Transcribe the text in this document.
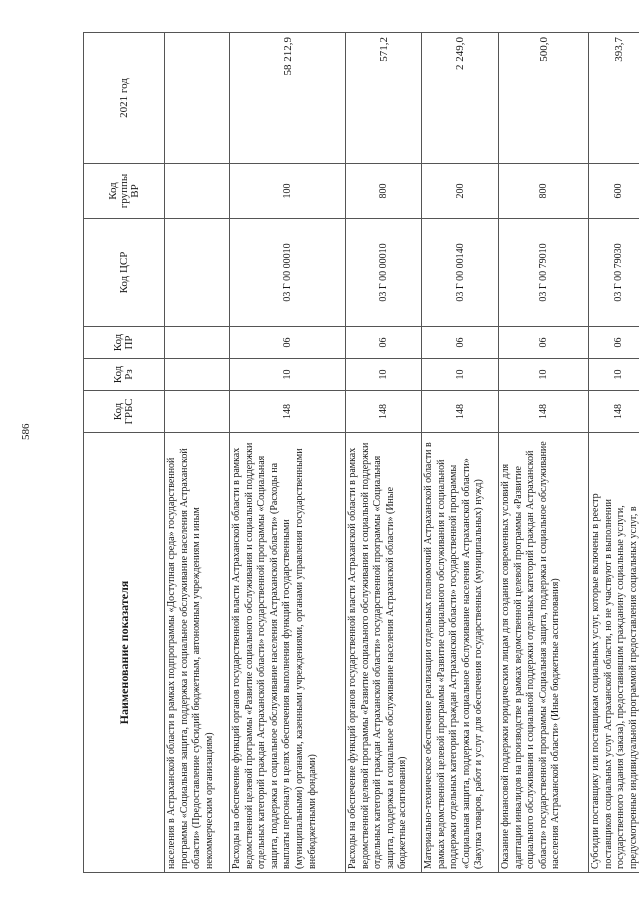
586
Наименование показателя	Код ГРБС	Код Рз	Код ПР	Код ЦСР	Код группы ВР	2021 год
населения в Астраханской области в рамках подпрограммы «Доступная среда» государственной программы «Социальная защита, поддержка и социальное обслуживание населения Астраханской области» (Предоставление субсидий бюджетным, автономным учреждениям и иным некоммерческим организациям)						
Расходы на обеспечение функций органов государственной власти Астраханской области в рамках ведомственной целевой программы «Развитие социального обслуживания и социальной поддержки отдельных категорий граждан Астраханской области» государственной программы «Социальная защита, поддержка и социальное обслуживание населения Астраханской области» (Расходы на выплаты персоналу в целях обеспечения выполнения функций государственными (муниципальными) органами, казенными учреждениями, органами управления государственными внебюджетными фондами)	148	10	06	03 Г 00 00010	100	58 212,9
Расходы на обеспечение функций органов государственной власти Астраханской области в рамках ведомственной целевой программы «Развитие социального обслуживания и социальной поддержки отдельных категорий граждан Астраханской области» государственной программы «Социальная защита, поддержка и социальное обслуживание населения Астраханской области» (Иные бюджетные ассигнования)	148	10	06	03 Г 00 00010	800	571,2
Материально-техническое обеспечение реализации отдельных полномочий Астраханской области в рамках ведомственной целевой программы «Развитие социального обслуживания и социальной поддержки отдельных категорий граждан Астраханской области» государственной программы «Социальная защита, поддержка и социальное обслуживание населения Астраханской области» (Закупка товаров, работ и услуг для обеспечения государственных (муниципальных) нужд)	148	10	06	03 Г 00 00140	200	2 249,0
Оказание финансовой поддержки юридическим лицам для создания современных условий для адаптации инвалидов на производстве в рамках ведомственной целевой программы «Развитие социального обслуживания и социальной поддержки отдельных категорий граждан Астраханской области» государственной программы «Социальная защита, поддержка и социальное обслуживание населения Астраханской области» (Иные бюджетные ассигнования)	148	10	06	03 Г 00 79010	800	500,0
Субсидии поставщику или поставщикам социальных услуг, которые включены в реестр поставщиков социальных услуг Астраханской области, но не участвуют в выполнении государственного задания (заказа), предоставившим гражданину социальные услуги, предусмотренные индивидуальной программой предоставления социальных услуг, в	148	10	06	03 Г 00 79030	600	393,7
